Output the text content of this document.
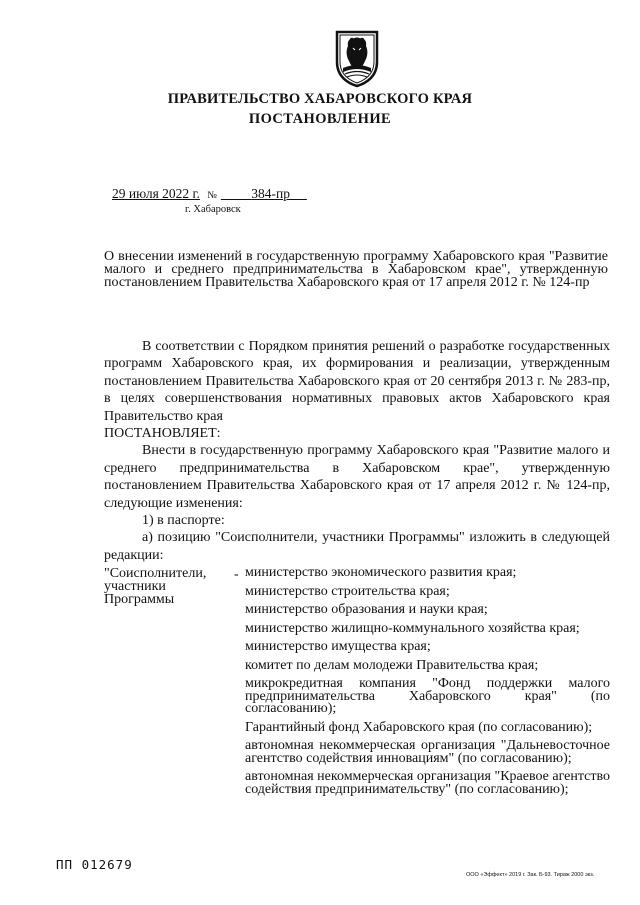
ПРАВИТЕЛЬСТВО ХАБАРОВСКОГО КРАЯ
ПОСТАНОВЛЕНИЕ
29 июля 2022 г. №	384-пр
г. Хабаровск
О внесении изменений в государственную программу Хабаровского края "Развитие малого и среднего предпринимательства в Хабаровском крае", утвержденную постановлением Правительства Хабаровского края от 17 апреля 2012 г. № 124-пр

В соответствии с Порядком принятия решений о разработке государственных программ Хабаровского края, их формирования и реализации, утвержденным постановлением Правительства Хабаровского края от 20 сентября 2013 г. № 283-пр, в целях совершенствования нормативных правовых актов Хабаровского края Правительство края

ПОСТАНОВЛЯЕТ:

Внести в государственную программу Хабаровского края "Развитие малого и среднего предпринимательства в Хабаровском крае", утвержденную постановлением Правительства Хабаровского края от 17 апреля 2012 г. № 124-пр, следующие изменения:

1) в паспорте:

а) позицию "Соисполнители, участники Программы" изложить в следующей редакции:

"Соисполнители, участники Программы
- министерство экономического развития края;

министерство строительства края;

министерство образования и науки края;

министерство жилищно-коммунального хозяйства края;

министерство имущества края;

комитет по делам молодежи Правительства края;

микрокредитная компания "Фонд поддержки малого предпринимательства Хабаровского края" (по согласованию);

Гарантийный фонд Хабаровского края (по согласованию);

автономная некоммерческая организация "Дальневосточное агентство содействия инновациям" (по согласованию);

автономная некоммерческая организация "Краевое агентство содействия предпринимательству" (по согласованию);

ПП 012679
ООО «Эффект» 2019 г. Зак. Б-93. Тираж 2000 экз.
